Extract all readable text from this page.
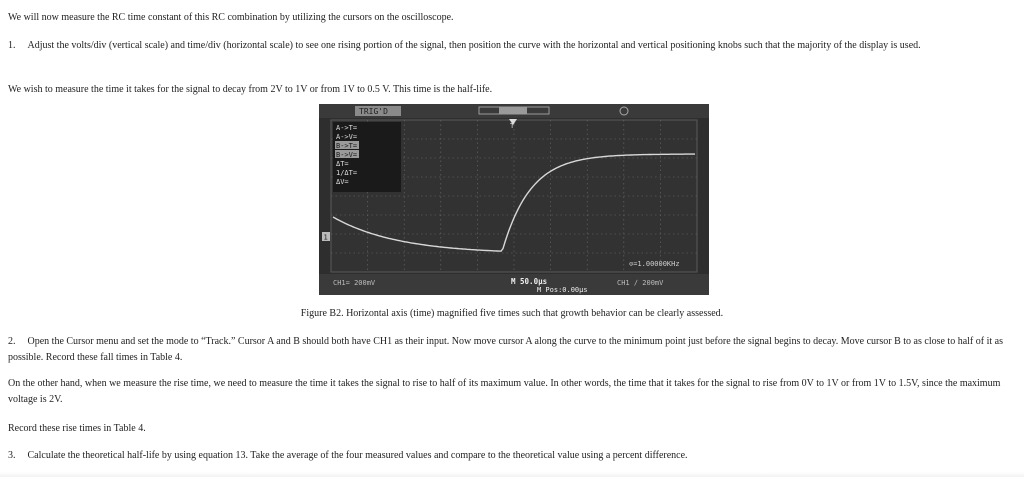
We will now measure the RC time constant of this RC combination by utilizing the cursors on the oscilloscope.

1. Adjust the volts/div (vertical scale) and time/div (horizontal scale) to see one rising portion of the signal, then position the curve with the horizontal and vertical positioning knobs such that the majority of the display is used.

We wish to measure the time it takes for the signal to decay from 2V to 1V or from 1V to 0.5 V. This time is the half-life.

Figure B2. Horizontal axis (time) magnified five times such that growth behavior can be clearly assessed.

2. Open the Cursor menu and set the mode to “Track.” Cursor A and B should both have CH1 as their input. Now move cursor A along the curve to the minimum point just before the signal begins to decay. Move cursor B to as close to half of it as possible. Record these fall times in Table 4.

On the other hand, when we measure the rise time, we need to measure the time it takes the signal to rise to half of its maximum value. In other words, the time that it takes for the signal to rise from 0V to 1V or from 1V to 1.5V, since the maximum voltage is 2V.

Record these rise times in Table 4.

3. Calculate the theoretical half-life by using equation 13. Take the average of the four measured values and compare to the theoretical value using a percent difference.

TRIG'D
T
1
A->T=
A->V=
B->T=
B->V=
ΔT=
1/ΔT=
ΔV=
⊙=1.00000KHz
CH1= 200mV	M 50.0µs
M Pos:0.00µs
CH1 ∕ 200mV
